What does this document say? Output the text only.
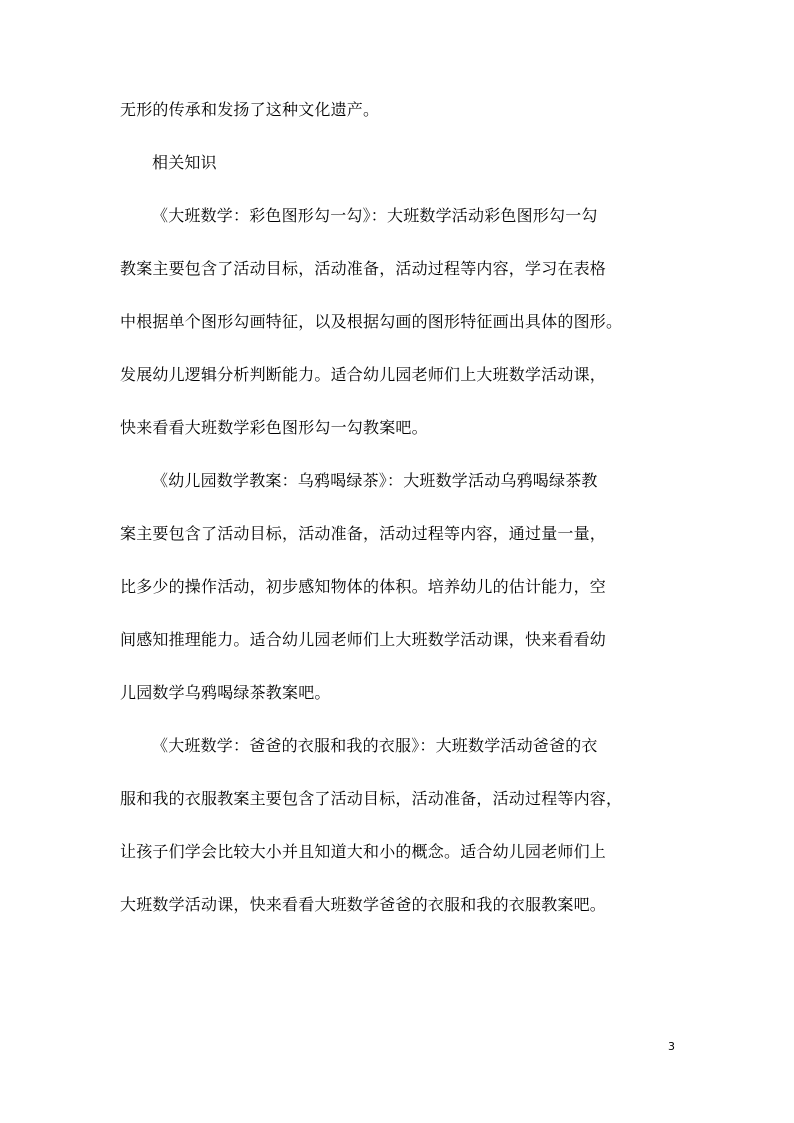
无形的传承和发扬了这种文化遗产。
相关知识
《大班数学：彩色图形勾一勾》：大班数学活动彩色图形勾一勾
教案主要包含了活动目标，活动准备，活动过程等内容，学习在表格
中根据单个图形勾画特征，以及根据勾画的图形特征画出具体的图形。
发展幼儿逻辑分析判断能力。适合幼儿园老师们上大班数学活动课，
快来看看大班数学彩色图形勾一勾教案吧。
《幼儿园数学教案：乌鸦喝绿茶》：大班数学活动乌鸦喝绿茶教
案主要包含了活动目标，活动准备，活动过程等内容，通过量一量，
比多少的操作活动，初步感知物体的体积。培养幼儿的估计能力，空
间感知推理能力。适合幼儿园老师们上大班数学活动课，快来看看幼
儿园数学乌鸦喝绿茶教案吧。
《大班数学：爸爸的衣服和我的衣服》：大班数学活动爸爸的衣
服和我的衣服教案主要包含了活动目标，活动准备，活动过程等内容，
让孩子们学会比较大小并且知道大和小的概念。适合幼儿园老师们上
大班数学活动课，快来看看大班数学爸爸的衣服和我的衣服教案吧。
3
